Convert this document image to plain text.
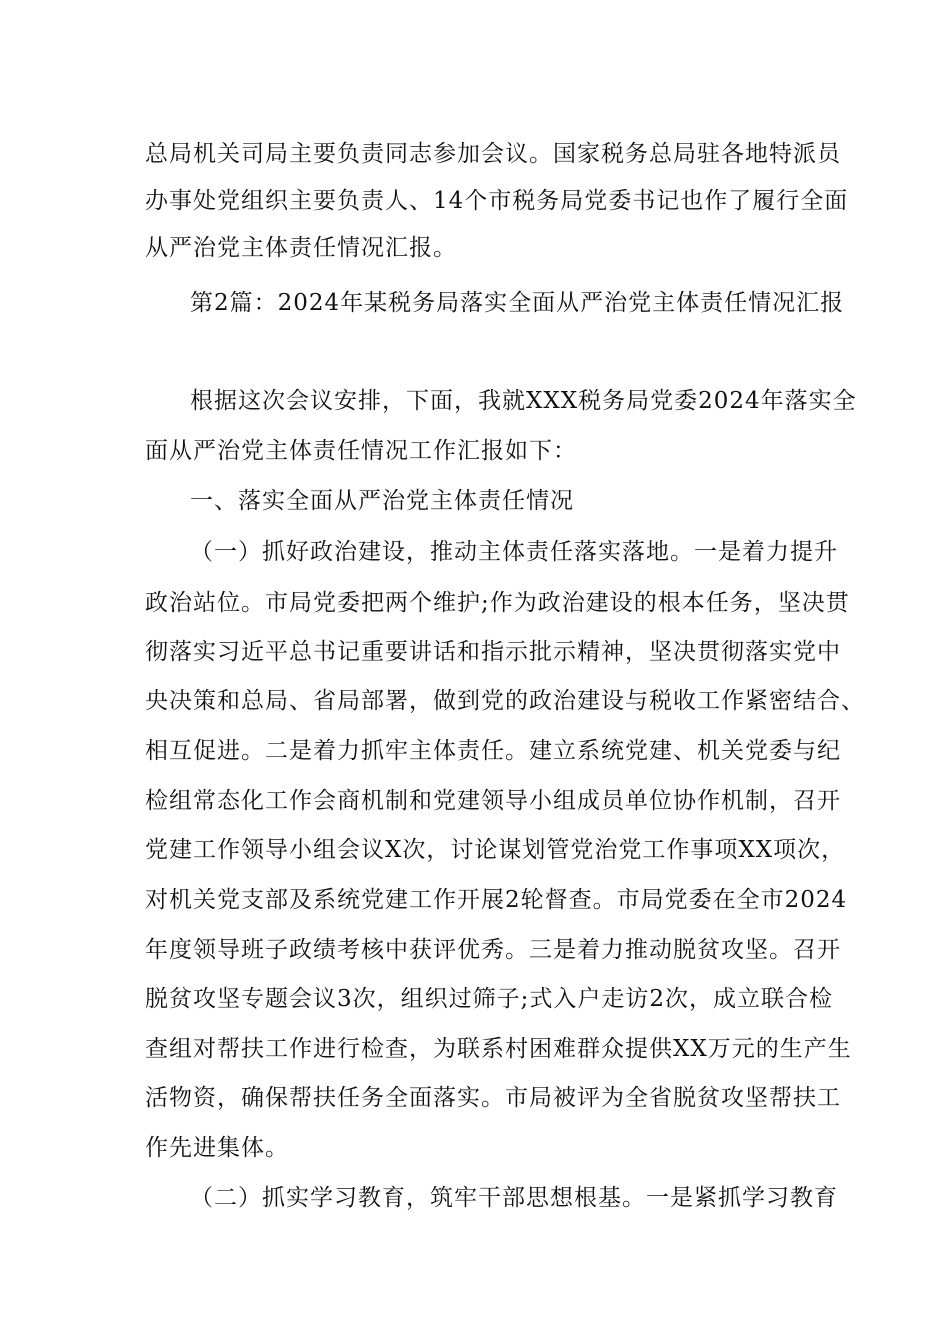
总局机关司局主要负责同志参加会议。国家税务总局驻各地特派员

办事处党组织主要负责人、14个市税务局党委书记也作了履行全面

从严治党主体责任情况汇报。

第2篇：2024年某税务局落实全面从严治党主体责任情况汇报

根据这次会议安排，下面，我就XXX税务局党委2024年落实全

面从严治党主体责任情况工作汇报如下：

一、落实全面从严治党主体责任情况

（一）抓好政治建设，推动主体责任落实落地。一是着力提升

政治站位。市局党委把两个维护;作为政治建设的根本任务，坚决贯

彻落实习近平总书记重要讲话和指示批示精神，坚决贯彻落实党中

央决策和总局、省局部署，做到党的政治建设与税收工作紧密结合、

相互促进。二是着力抓牢主体责任。建立系统党建、机关党委与纪

检组常态化工作会商机制和党建领导小组成员单位协作机制，召开

党建工作领导小组会议X次，讨论谋划管党治党工作事项XX项次，

对机关党支部及系统党建工作开展2轮督查。市局党委在全市2024

年度领导班子政绩考核中获评优秀。三是着力推动脱贫攻坚。召开

脱贫攻坚专题会议3次，组织过筛子;式入户走访2次，成立联合检

查组对帮扶工作进行检查，为联系村困难群众提供XX万元的生产生

活物资，确保帮扶任务全面落实。市局被评为全省脱贫攻坚帮扶工

作先进集体。

（二）抓实学习教育，筑牢干部思想根基。一是紧抓学习教育
